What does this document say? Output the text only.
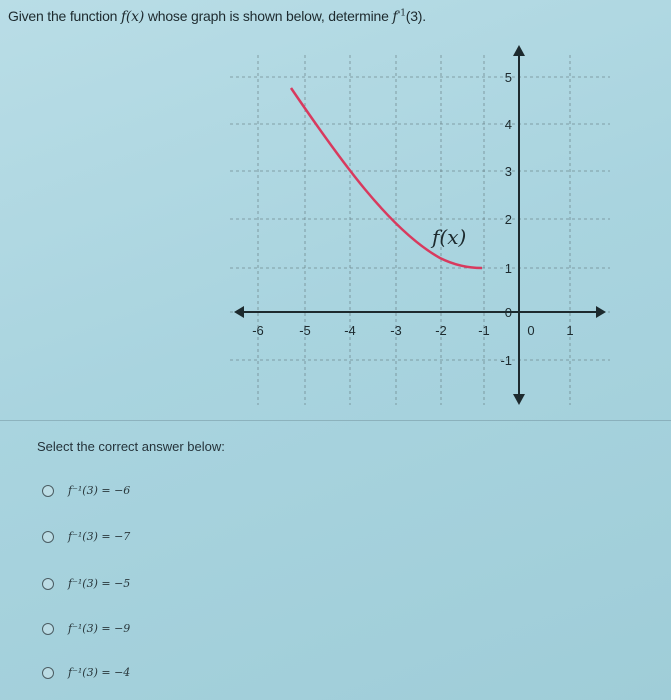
Given the function f(x) whose graph is shown below, determine $f^{-1}(3)$.
-6	-5	-4	-3	-2 -1	0 1
5
4
3
2
1
0
-1
f(x)
Select the correct answer below:
f⁻¹(3) = −6
f⁻¹(3) = −7
f⁻¹(3) = −5
f⁻¹(3) = −9
f⁻¹(3) = −4
